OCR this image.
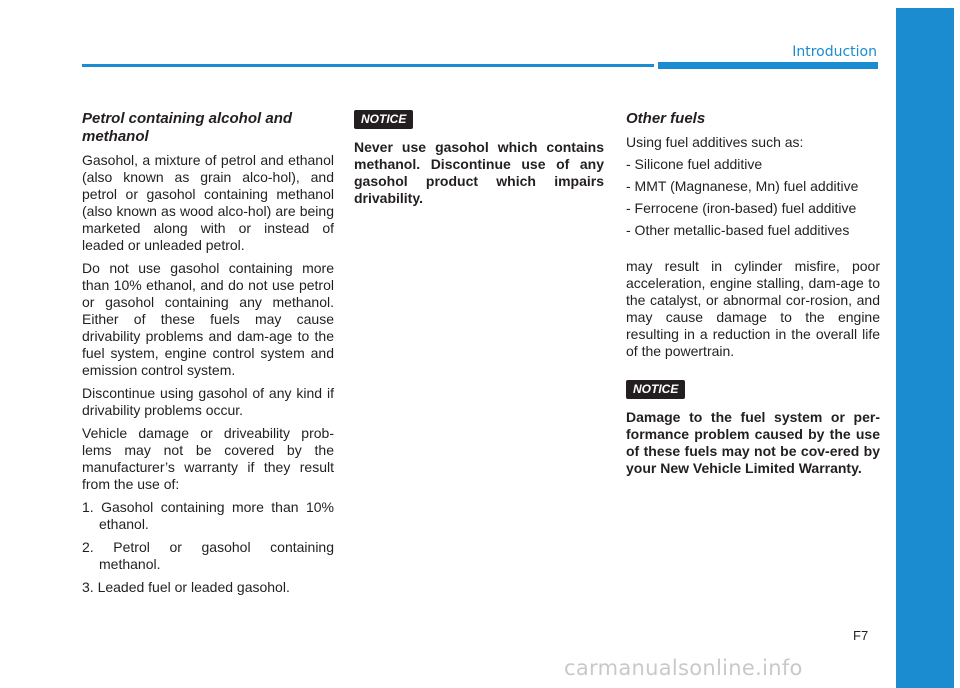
Introduction
Petrol containing alcohol and methanol

Gasohol, a mixture of petrol and ethanol (also known as grain alco-hol), and petrol or gasohol containing methanol (also known as wood alco-hol) are being marketed along with or instead of leaded or unleaded petrol.

Do not use gasohol containing more than 10% ethanol, and do not use petrol or gasohol containing any methanol. Either of these fuels may cause drivability problems and dam-age to the fuel system, engine control system and emission control system.

Discontinue using gasohol of any kind if drivability problems occur.

Vehicle damage or driveability prob-lems may not be covered by the manufacturer’s warranty if they result from the use of:

1. Gasohol containing more than 10% ethanol.
2. Petrol or gasohol containing methanol.
3. Leaded fuel or leaded gasohol.
NOTICE

Never use gasohol which contains methanol. Discontinue use of any gasohol product which impairs drivability.

Other fuels
Using fuel additives such as:
- Silicone fuel additive
- MMT (Magnanese, Mn) fuel additive
- Ferrocene (iron-based) fuel additive
- Other metallic-based fuel additives

may result in cylinder misfire, poor acceleration, engine stalling, dam-age to the catalyst, or abnormal cor-rosion, and may cause damage to the engine resulting in a reduction in the overall life of the powertrain.

NOTICE

Damage to the fuel system or per-formance problem caused by the use of these fuels may not be cov-ered by your New Vehicle Limited Warranty.

F7
carmanualsonline.info
